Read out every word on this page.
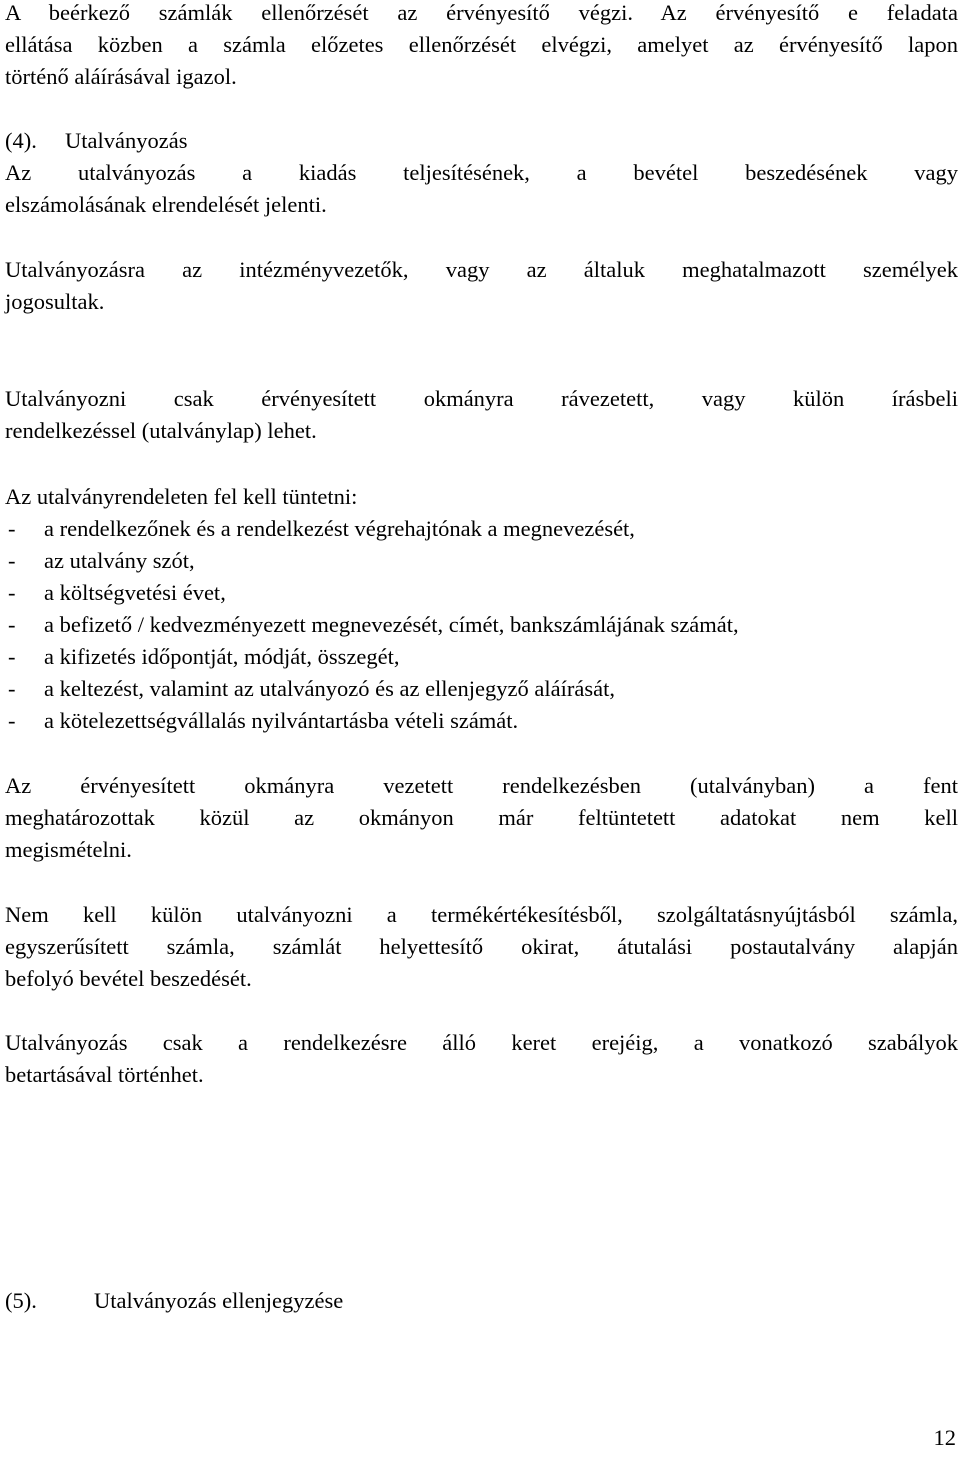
A beérkező számlák ellenőrzését az érvényesítő végzi. Az érvényesítő e feladata
ellátása közben a számla előzetes ellenőrzését elvégzi, amelyet az érvényesítő lapon
történő aláírásával igazol.
(4). Utalványozás
Az utalványozás a kiadás teljesítésének, a bevétel beszedésének vagy
elszámolásának elrendelését jelenti.
Utalványozásra az intézményvezetők, vagy az általuk meghatalmazott személyek
jogosultak.
Utalványozni csak érvényesített okmányra rávezetett, vagy külön írásbeli
rendelkezéssel (utalványlap) lehet.
Az utalványrendeleten fel kell tüntetni:
- a rendelkezőnek és a rendelkezést végrehajtónak a megnevezését,
- az utalvány szót,
- a költségvetési évet,
- a befizető / kedvezményezett megnevezését, címét, bankszámlájának számát,
- a kifizetés időpontját, módját, összegét,
- a keltezést, valamint az utalványozó és az ellenjegyző aláírását,
- a kötelezettségvállalás nyilvántartásba vételi számát.
Az érvényesített okmányra vezetett rendelkezésben (utalványban) a fent
meghatározottak közül az okmányon már feltüntetett adatokat nem kell
megismételni.
Nem kell külön utalványozni a termékértékesítésből, szolgáltatásnyújtásból számla,
egyszerűsített számla, számlát helyettesítő okirat, átutalási postautalvány alapján
befolyó bevétel beszedését.
Utalványozás csak a rendelkezésre álló keret erejéig, a vonatkozó szabályok
betartásával történhet.
(5).	Utalványozás ellenjegyzése
12
